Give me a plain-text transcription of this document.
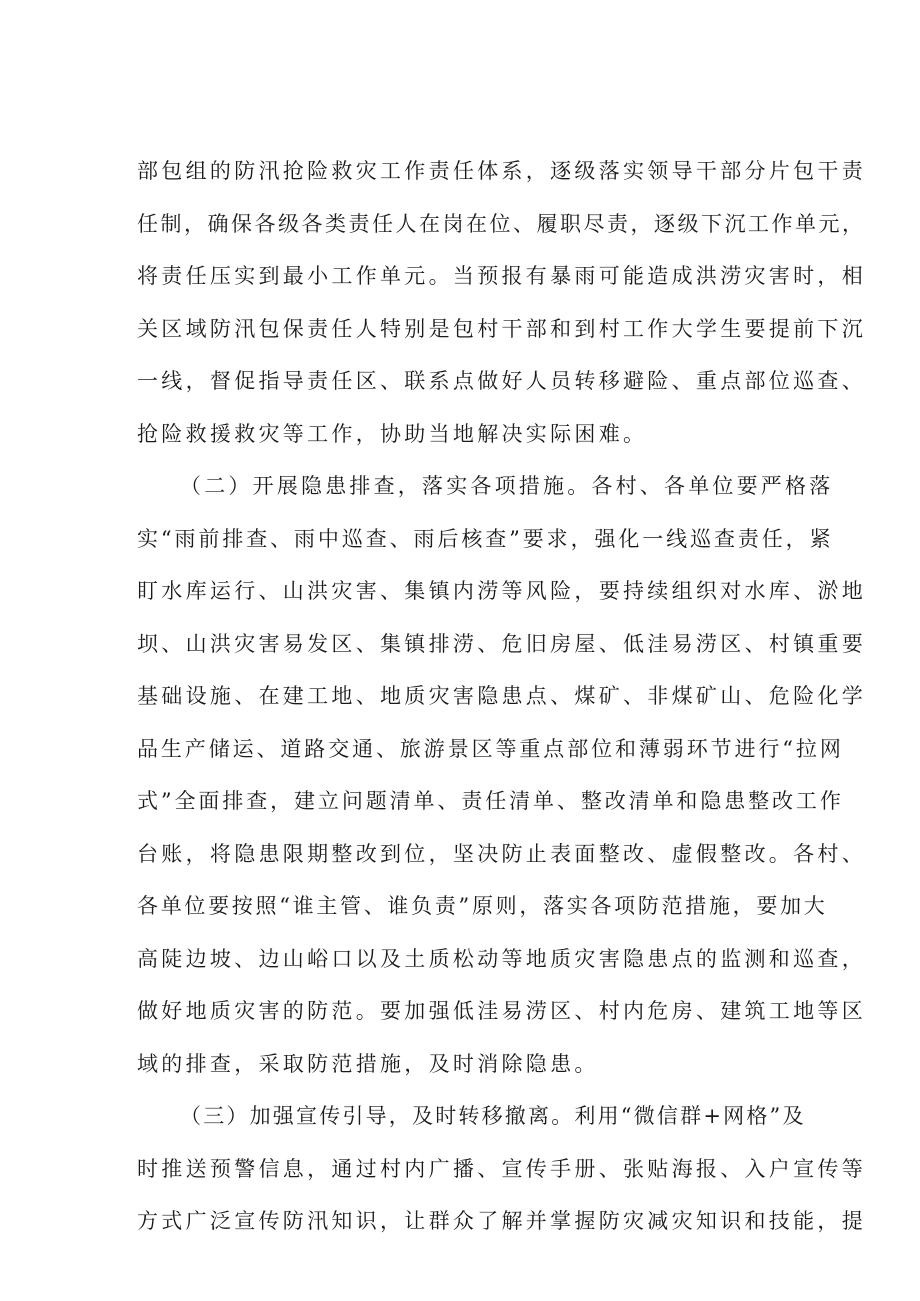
部包组的防汛抢险救灾工作责任体系，逐级落实领导干部分片包干责
任制，确保各级各类责任人在岗在位、履职尽责，逐级下沉工作单元，
将责任压实到最小工作单元。当预报有暴雨可能造成洪涝灾害时，相
关区域防汛包保责任人特别是包村干部和到村工作大学生要提前下沉
一线，督促指导责任区、联系点做好人员转移避险、重点部位巡查、
抢险救援救灾等工作，协助当地解决实际困难。
（二）开展隐患排查，落实各项措施。各村、各单位要严格落
实“雨前排查、雨中巡查、雨后核查”要求，强化一线巡查责任，紧
盯水库运行、山洪灾害、集镇内涝等风险，要持续组织对水库、淤地
坝、山洪灾害易发区、集镇排涝、危旧房屋、低洼易涝区、村镇重要
基础设施、在建工地、地质灾害隐患点、煤矿、非煤矿山、危险化学
品生产储运、道路交通、旅游景区等重点部位和薄弱环节进行“拉网
式”全面排查，建立问题清单、责任清单、整改清单和隐患整改工作
台账，将隐患限期整改到位，坚决防止表面整改、虚假整改。各村、
各单位要按照“谁主管、谁负责”原则，落实各项防范措施，要加大
高陡边坡、边山峪口以及土质松动等地质灾害隐患点的监测和巡查，
做好地质灾害的防范。要加强低洼易涝区、村内危房、建筑工地等区
域的排查，采取防范措施，及时消除隐患。
（三）加强宣传引导，及时转移撤离。利用“微信群+网格”及
时推送预警信息，通过村内广播、宣传手册、张贴海报、入户宣传等
方式广泛宣传防汛知识，让群众了解并掌握防灾减灾知识和技能，提
